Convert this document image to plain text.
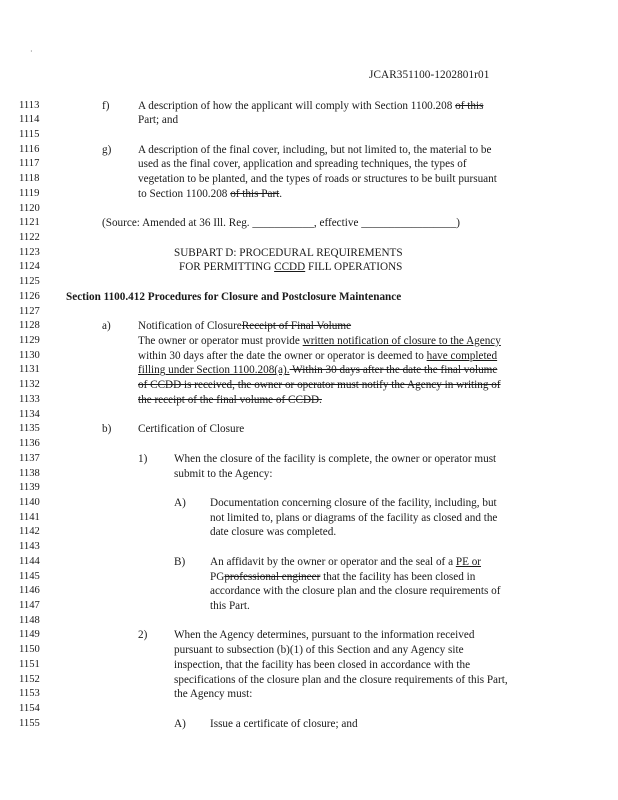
·
JCAR351100-1202801r01
1113	f)	A description of how the applicant will comply with Section 1100.208 of this
1114	Part; and
1115
1116	g) A description of the final cover, including, but not limited to, the material to be
1117	used as the final cover, application and spreading techniques, the types of
1118	vegetation to be planted, and the types of roads or structures to be built pursuant
1119	to Section 1100.208 of this Part.
1120
1121	(Source: Amended at 36 Ill. Reg. ___________, effective _________________)
1122
1123	SUBPART D: PROCEDURAL REQUIREMENTS
1124	FOR PERMITTING CCDD FILL OPERATIONS
1125
1126	Section 1100.412 Procedures for Closure and Postclosure Maintenance
1127
1128	a) Notification of ClosureReceipt of Final Volume
1129	The owner or operator must provide written notification of closure to the Agency
1130	within 30 days after the date the owner or operator is deemed to have completed
1131	filling under Section 1100.208(a). Within 30 days after the date the final volume
1132	of CCDD is received, the owner or operator must notify the Agency in writing of
1133	the receipt of the final volume of CCDD.
1134
1135	b) Certification of Closure
1136
1137	1) When the closure of the facility is complete, the owner or operator must
1138	submit to the Agency:
1139
1140	A) Documentation concerning closure of the facility, including, but
1141	not limited to, plans or diagrams of the facility as closed and the
1142	date closure was completed.
1143
1144	B) An affidavit by the owner or operator and the seal of a PE or
1145	PGprofessional engineer that the facility has been closed in
1146	accordance with the closure plan and the closure requirements of
1147	this Part.
1148
1149	2) When the Agency determines, pursuant to the information received
1150	pursuant to subsection (b)(1) of this Section and any Agency site
1151	inspection, that the facility has been closed in accordance with the
1152	specifications of the closure plan and the closure requirements of this Part,
1153	the Agency must:
1154
1155	A) Issue a certificate of closure; and
